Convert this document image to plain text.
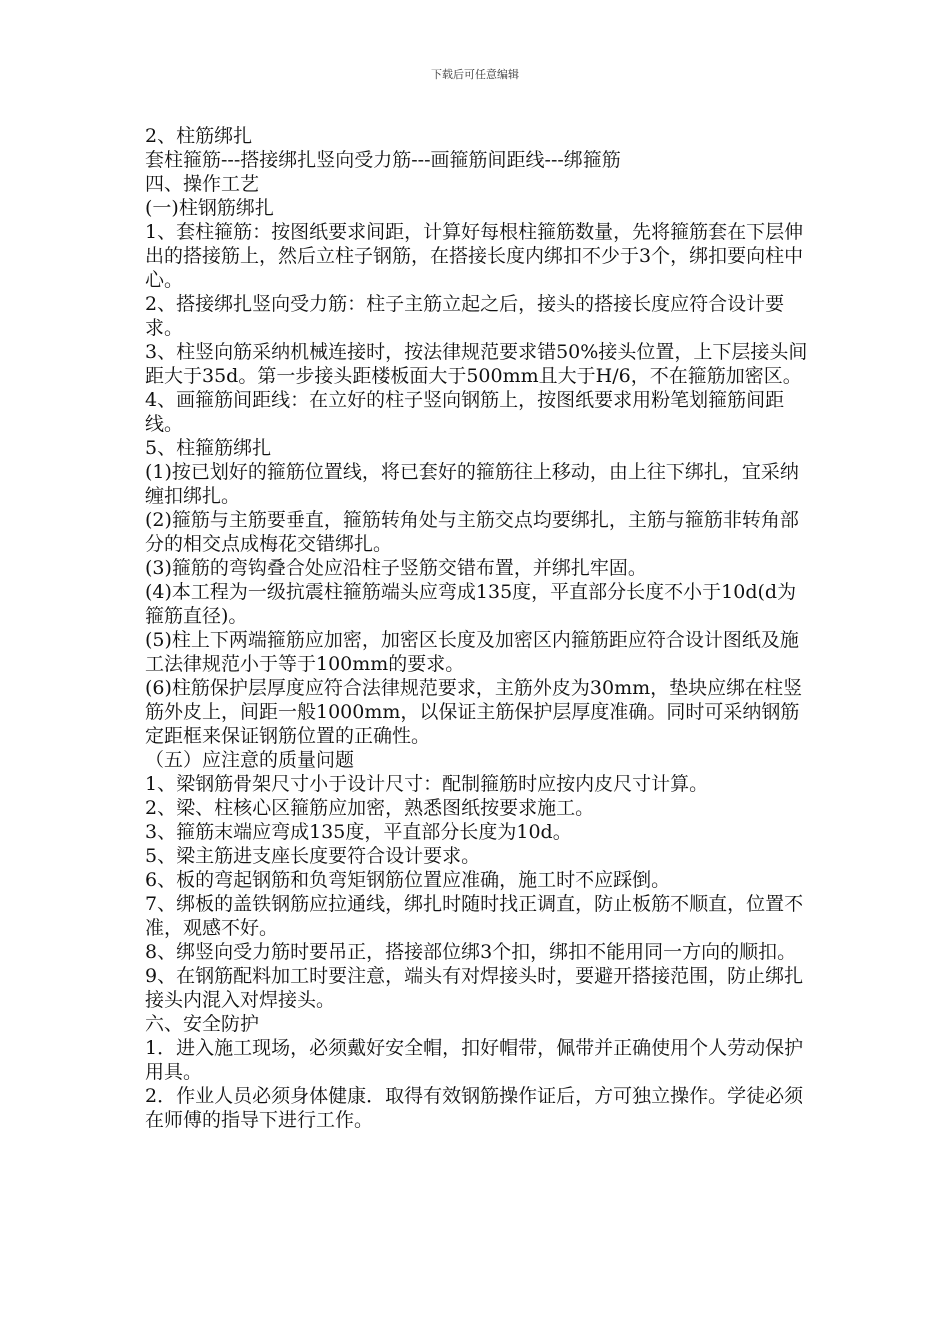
下载后可任意编辑

2、柱筋绑扎

套柱箍筋---搭接绑扎竖向受力筋---画箍筋间距线---绑箍筋

四、操作工艺

(一)柱钢筋绑扎

1、套柱箍筋：按图纸要求间距，计算好每根柱箍筋数量，先将箍筋套在下层伸出的搭接筋上，然后立柱子钢筋，在搭接长度内绑扣不少于3个，绑扣要向柱中心。

2、搭接绑扎竖向受力筋：柱子主筋立起之后，接头的搭接长度应符合设计要求。

3、柱竖向筋采纳机械连接时，按法律规范要求错50%接头位置，上下层接头间距大于35d。第一步接头距楼板面大于500mm且大于H/6，不在箍筋加密区。

4、画箍筋间距线：在立好的柱子竖向钢筋上，按图纸要求用粉笔划箍筋间距线。

5、柱箍筋绑扎

(1)按已划好的箍筋位置线，将已套好的箍筋往上移动，由上往下绑扎，宜采纳缠扣绑扎。

(2)箍筋与主筋要垂直，箍筋转角处与主筋交点均要绑扎，主筋与箍筋非转角部分的相交点成梅花交错绑扎。

(3)箍筋的弯钩叠合处应沿柱子竖筋交错布置，并绑扎牢固。

(4)本工程为一级抗震柱箍筋端头应弯成135度，平直部分长度不小于10d(d为箍筋直径)。

(5)柱上下两端箍筋应加密，加密区长度及加密区内箍筋距应符合设计图纸及施工法律规范小于等于100mm的要求。

(6)柱筋保护层厚度应符合法律规范要求，主筋外皮为30mm，垫块应绑在柱竖筋外皮上，间距一般1000mm，以保证主筋保护层厚度准确。同时可采纳钢筋定距框来保证钢筋位置的正确性。

（五）应注意的质量问题

1、梁钢筋骨架尺寸小于设计尺寸：配制箍筋时应按内皮尺寸计算。

2、梁、柱核心区箍筋应加密，熟悉图纸按要求施工。

3、箍筋末端应弯成135度，平直部分长度为10d。

5、梁主筋进支座长度要符合设计要求。

6、板的弯起钢筋和负弯矩钢筋位置应准确，施工时不应踩倒。

7、绑板的盖铁钢筋应拉通线，绑扎时随时找正调直，防止板筋不顺直，位置不准，观感不好。

8、绑竖向受力筋时要吊正，搭接部位绑3个扣，绑扣不能用同一方向的顺扣。

9、在钢筋配料加工时要注意，端头有对焊接头时，要避开搭接范围，防止绑扎接头内混入对焊接头。

六、安全防护

1．进入施工现场，必须戴好安全帽，扣好帽带，佩带并正确使用个人劳动保护用具。

2．作业人员必须身体健康．取得有效钢筋操作证后，方可独立操作。学徒必须在师傅的指导下进行工作。
